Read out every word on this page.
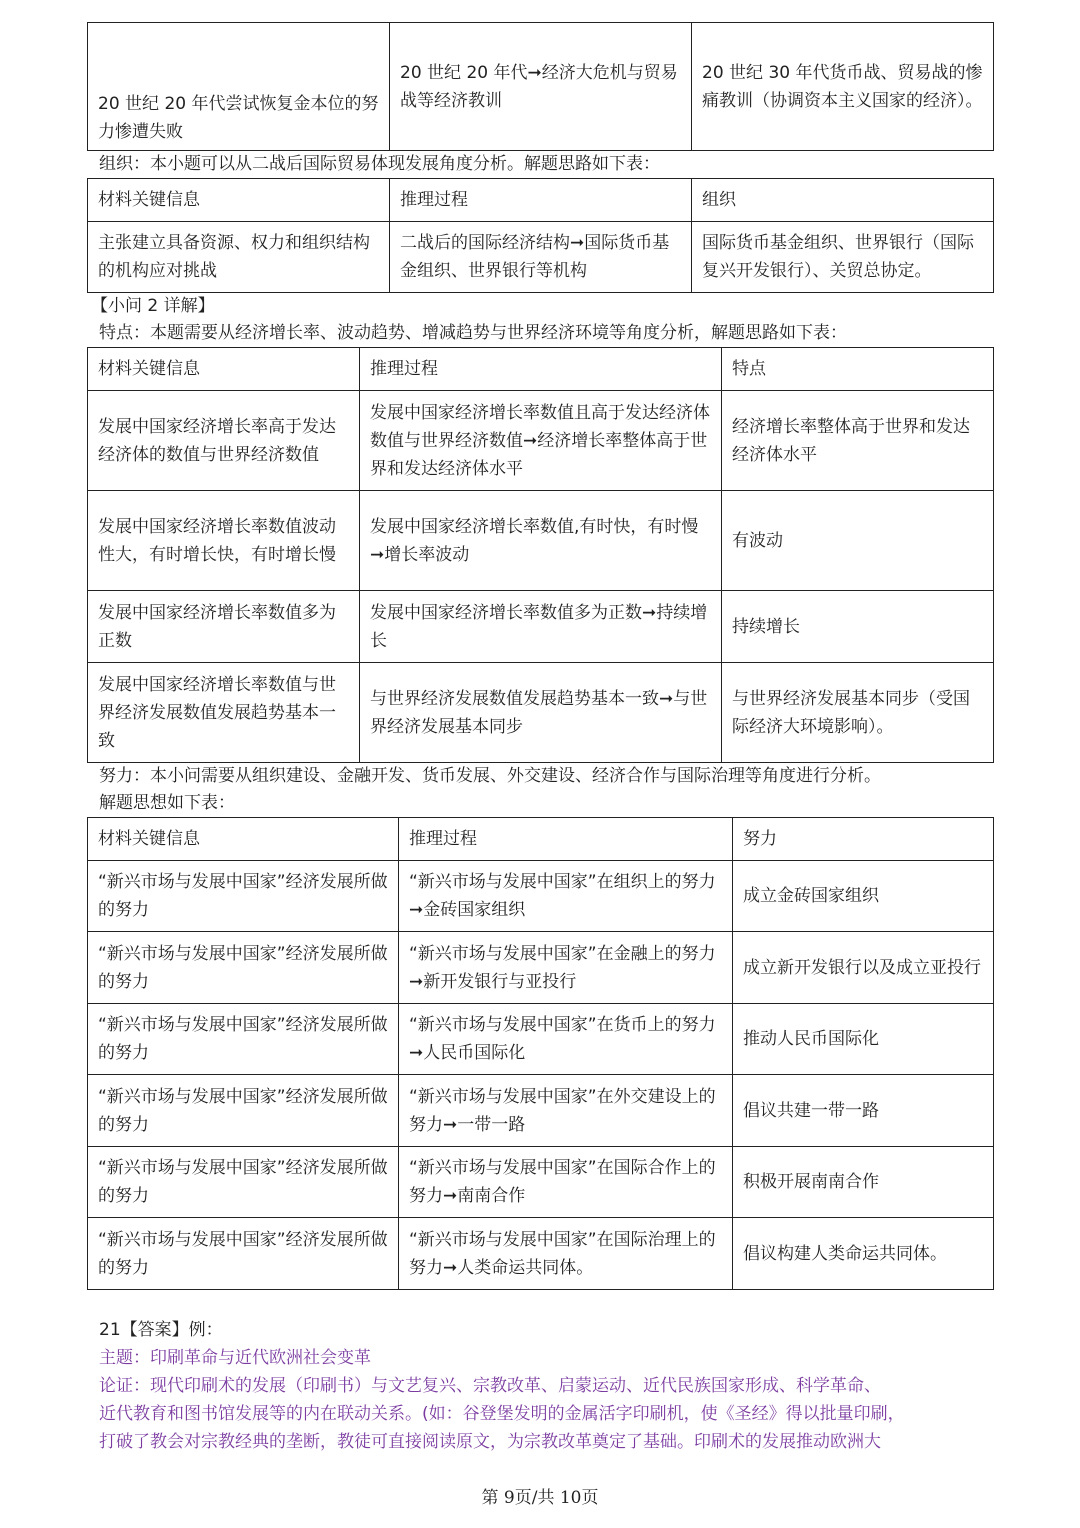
20 世纪 20 年代尝试恢复金本位的努力惨遭失败	20 世纪 20 年代➞经济大危机与贸易战等经济教训	20 世纪 30 年代货币战、贸易战的惨痛教训（协调资本主义国家的经济）。
组织：本小题可以从二战后国际贸易体现发展角度分析。解题思路如下表：
材料关键信息	推理过程	组织
主张建立具备资源、权力和组织结构的机构应对挑战	二战后的国际经济结构➞国际货币基金组织、世界银行等机构	国际货币基金组织、世界银行（国际复兴开发银行）、关贸总协定。
【小问 2 详解】
特点：本题需要从经济增长率、波动趋势、增减趋势与世界经济环境等角度分析，解题思路如下表：
材料关键信息	推理过程	特点
发展中国家经济增长率高于发达经济体的数值与世界经济数值	发展中国家经济增长率数值且高于发达经济体数值与世界经济数值➞经济增长率整体高于世界和发达经济体水平	经济增长率整体高于世界和发达经济体水平
发展中国家经济增长率数值波动性大，有时增长快，有时增长慢	发展中国家经济增长率数值,有时快，有时慢➞增长率波动	有波动
发展中国家经济增长率数值多为正数	发展中国家经济增长率数值多为正数➞持续增长	持续增长
发展中国家经济增长率数值与世界经济发展数值发展趋势基本一致	与世界经济发展数值发展趋势基本一致➞与世界经济发展基本同步	与世界经济发展基本同步（受国际经济大环境影响）。
努力：本小问需要从组织建设、金融开发、货币发展、外交建设、经济合作与国际治理等角度进行分析。
解题思想如下表：
材料关键信息	推理过程	努力
“新兴市场与发展中国家”经济发展所做的努力	“新兴市场与发展中国家”在组织上的努力➞金砖国家组织	成立金砖国家组织
“新兴市场与发展中国家”经济发展所做的努力	“新兴市场与发展中国家”在金融上的努力➞新开发银行与亚投行	成立新开发银行以及成立亚投行
“新兴市场与发展中国家”经济发展所做的努力	“新兴市场与发展中国家”在货币上的努力➞人民币国际化	推动人民币国际化
“新兴市场与发展中国家”经济发展所做的努力	“新兴市场与发展中国家”在外交建设上的努力➞一带一路	倡议共建一带一路
“新兴市场与发展中国家”经济发展所做的努力	“新兴市场与发展中国家”在国际合作上的努力➞南南合作	积极开展南南合作
“新兴市场与发展中国家”经济发展所做的努力	“新兴市场与发展中国家”在国际治理上的努力➞人类命运共同体。	倡议构建人类命运共同体。
21【答案】例：
主题：印刷革命与近代欧洲社会变革
论证：现代印刷术的发展（印刷书）与文艺复兴、宗教改革、启蒙运动、近代民族国家形成、科学革命、
近代教育和图书馆发展等的内在联动关系。(如：谷登堡发明的金属活字印刷机，使《圣经》得以批量印刷，
打破了教会对宗教经典的垄断，教徒可直接阅读原文，为宗教改革奠定了基础。印刷术的发展推动欧洲大
第 9页/共 10页
